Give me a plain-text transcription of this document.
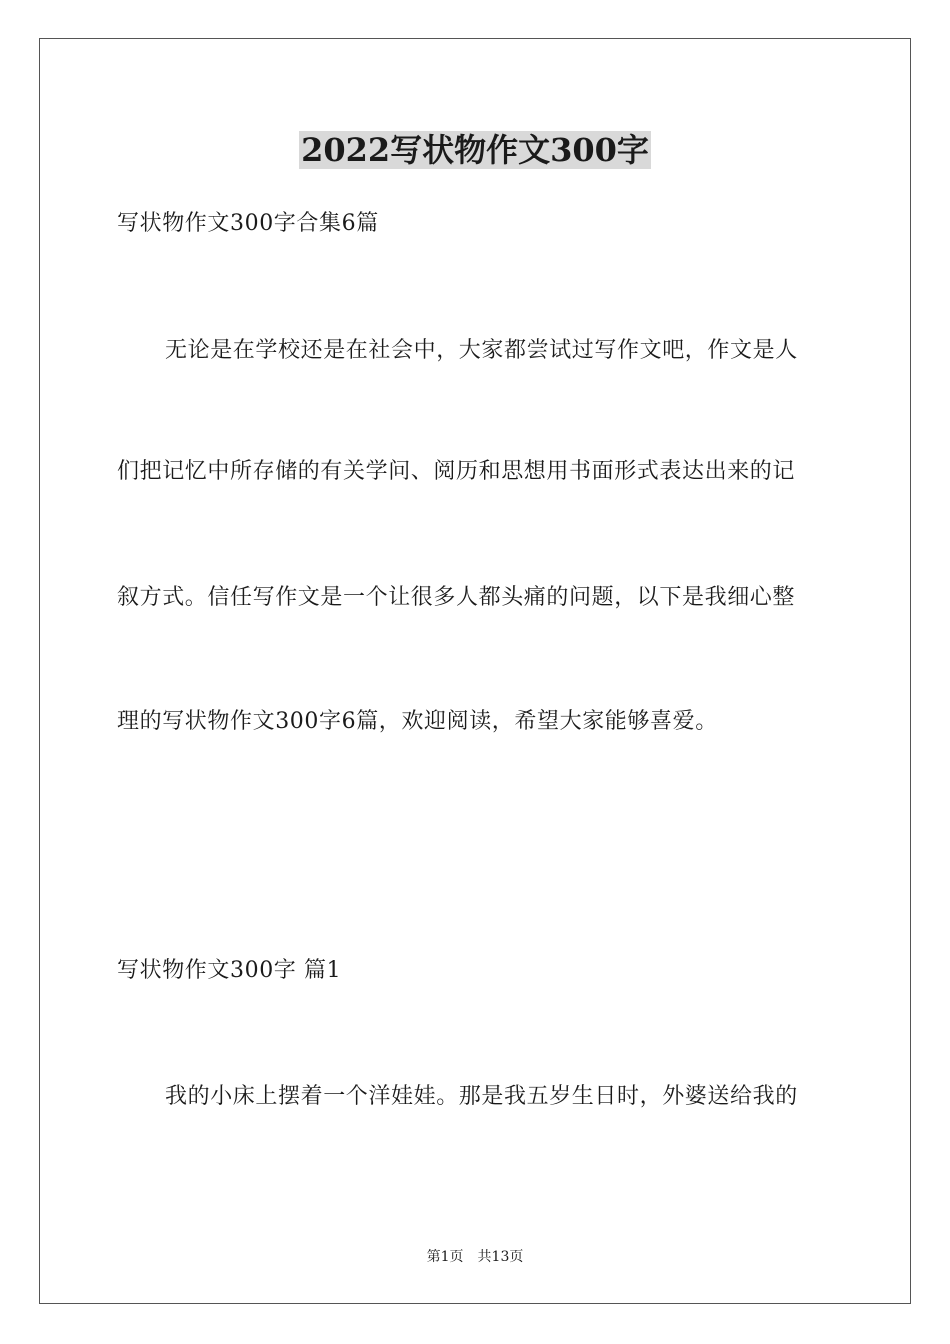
2022写状物作文300字
写状物作文300字合集6篇
无论是在学校还是在社会中，大家都尝试过写作文吧，作文是人
们把记忆中所存储的有关学问、阅历和思想用书面形式表达出来的记
叙方式。信任写作文是一个让很多人都头痛的问题，以下是我细心整
理的写状物作文300字6篇，欢迎阅读，希望大家能够喜爱。
写状物作文300字 篇1
我的小床上摆着一个洋娃娃。那是我五岁生日时，外婆送给我的
第1页 共13页
